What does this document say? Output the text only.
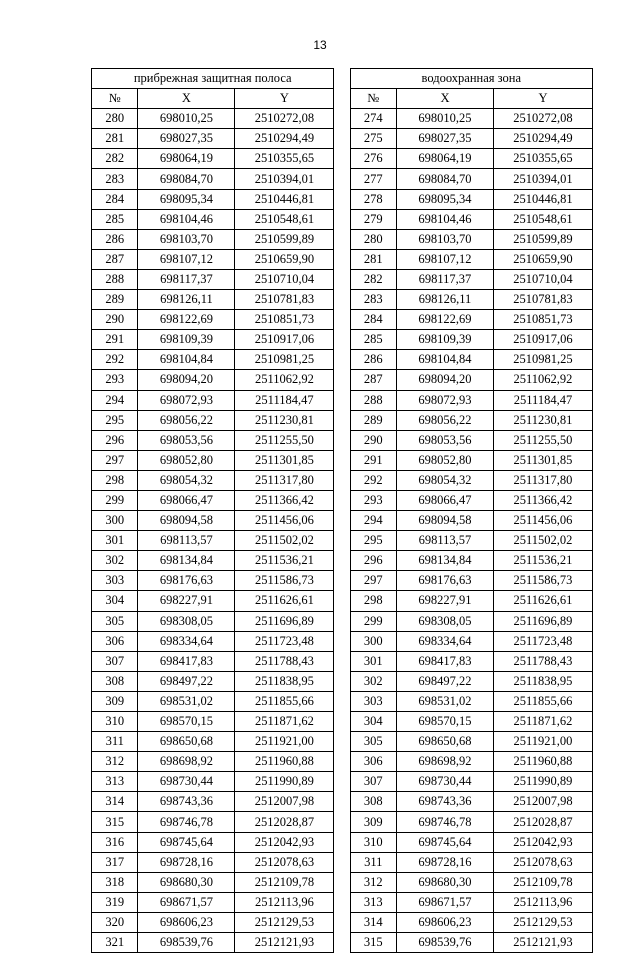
13
прибрежная защитная полоса				водоохранная зона		
№	X	Y		№	X	Y
280	698010,25	2510272,08		274	698010,25	2510272,08
281	698027,35	2510294,49		275	698027,35	2510294,49
282	698064,19	2510355,65		276	698064,19	2510355,65
283	698084,70	2510394,01		277	698084,70	2510394,01
284	698095,34	2510446,81		278	698095,34	2510446,81
285	698104,46	2510548,61		279	698104,46	2510548,61
286	698103,70	2510599,89		280	698103,70	2510599,89
287	698107,12	2510659,90		281	698107,12	2510659,90
288	698117,37	2510710,04		282	698117,37	2510710,04
289	698126,11	2510781,83		283	698126,11	2510781,83
290	698122,69	2510851,73		284	698122,69	2510851,73
291	698109,39	2510917,06		285	698109,39	2510917,06
292	698104,84	2510981,25		286	698104,84	2510981,25
293	698094,20	2511062,92		287	698094,20	2511062,92
294	698072,93	2511184,47		288	698072,93	2511184,47
295	698056,22	2511230,81		289	698056,22	2511230,81
296	698053,56	2511255,50		290	698053,56	2511255,50
297	698052,80	2511301,85		291	698052,80	2511301,85
298	698054,32	2511317,80		292	698054,32	2511317,80
299	698066,47	2511366,42		293	698066,47	2511366,42
300	698094,58	2511456,06		294	698094,58	2511456,06
301	698113,57	2511502,02		295	698113,57	2511502,02
302	698134,84	2511536,21		296	698134,84	2511536,21
303	698176,63	2511586,73		297	698176,63	2511586,73
304	698227,91	2511626,61		298	698227,91	2511626,61
305	698308,05	2511696,89		299	698308,05	2511696,89
306	698334,64	2511723,48		300	698334,64	2511723,48
307	698417,83	2511788,43		301	698417,83	2511788,43
308	698497,22	2511838,95		302	698497,22	2511838,95
309	698531,02	2511855,66		303	698531,02	2511855,66
310	698570,15	2511871,62		304	698570,15	2511871,62
311	698650,68	2511921,00		305	698650,68	2511921,00
312	698698,92	2511960,88		306	698698,92	2511960,88
313	698730,44	2511990,89		307	698730,44	2511990,89
314	698743,36	2512007,98		308	698743,36	2512007,98
315	698746,78	2512028,87		309	698746,78	2512028,87
316	698745,64	2512042,93		310	698745,64	2512042,93
317	698728,16	2512078,63		311	698728,16	2512078,63
318	698680,30	2512109,78		312	698680,30	2512109,78
319	698671,57	2512113,96		313	698671,57	2512113,96
320	698606,23	2512129,53		314	698606,23	2512129,53
321	698539,76	2512121,93		315	698539,76	2512121,93
